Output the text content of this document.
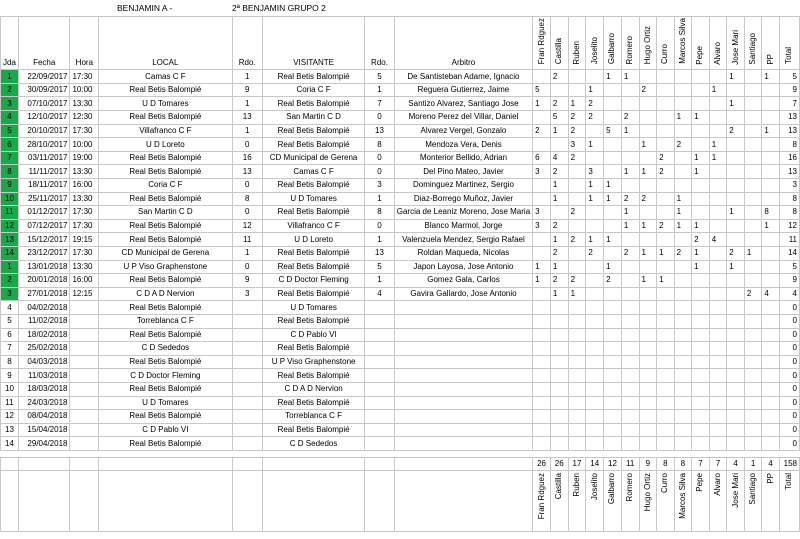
BENJAMIN A -	2ª BENJAMIN GRUPO 2
Jda	Fecha	Hora	LOCAL	Rdo.	VISITANTE	Rdo.	Arbitro	Fran Rdguez	Castilla	Ruben	Joselito	Galbarro	Romero	Hugo Ortiz	Curro	Marcos Silva	Pepe	Alvaro	Jose Mari	Santiago	PP	Total
1	22/09/2017	17:30	Camas C F	1	Real Betis Balompié	5	De Santisteban Adame, Ignacio		2			1	1						1		1	5
2	30/09/2017	10:00	Real Betis Balompié	9	Coria C F	1	Reguera Gutierrez, Jaime	5			1			2				1				9
3	07/10/2017	13:30	U D Tomares	1	Real Betis Balompié	7	Santizo Alvarez, Santiago Jose	1	2	1	2								1			7
4	12/10/2017	12:30	Real Betis Balompié	13	San Martin C D	0	Moreno Perez del Villar, Daniel		5	2	2		2			1	1					13
5	20/10/2017	17:30	Villafranco C F	1	Real Betis Balompié	13	Alvarez Vergel, Gonzalo	2	1	2		5	1						2		1	13
6	28/10/2017	10:00	U D Loreto	0	Real Betis Balompié	8	Mendoza Vera, Denis			3	1			1		2		1				8
7	03/11/2017	19:00	Real Betis Balompié	16	CD Municipal de Gerena	0	Monterior Bellido, Adrian	6	4	2					2		1	1				16
8	11/11/2017	13:30	Real Betis Balompié	13	Camas C F	0	Del Pino Mateo, Javier	3	2		3		1	1	2		1					13
9	18/11/2017	16:00	Coria C F	0	Real Betis Balompié	3	Dominguez Martinez, Sergio		1		1	1										3
10	25/11/2017	13:30	Real Betis Balompié	8	U D Tomares	1	Diaz-Borrego Muñoz, Javier		1		1	1	2	2		1						8
11	01/12/2017	17:30	San Martin C D	0	Real Betis Balompié	8	Garcia de Leaniz Moreno, Jose Maria	3		2			1			1			1		8	8
12	07/12/2017	17:30	Real Betis Balompié	12	Villafranco C F	0	Blanco Marmol, Jorge	3	2				1	1	2	1	1				1	12
13	15/12/2017	19:15	Real Betis Balompié	11	U D Loreto	1	Valenzuela Mendez, Sergio Rafael		1	2	1	1					2	4				11
14	23/12/2017	17:30	CD Municipal de Gerena	1	Real Betis Balompié	13	Roldan Maqueda, Nicolas		2		2		2	1	1	2	1		2	1		14
1	13/01/2018	13:30	U P Viso Graphenstone	0	Real Betis Balompié	5	Japon Layosa, Jose Antonio	1	1			1					1		1			5
2	20/01/2018	16:00	Real Betis Balompié	9	C D Doctor Fleming	1	Gomez Gala, Carlos	1	2	2		2		1	1							9
3	27/01/2018	12:15	C D A D Nervion	3	Real Betis Balompié	4	Gavira Gallardo, Jose Antonio		1	1										2	4	4
4	04/02/2018		Real Betis Balompié		U D Tomares																	0
5	11/02/2018		Torreblanca C F		Real Betis Balompié																	0
6	18/02/2018		Real Betis Balompié		C D Pablo VI																	0
7	25/02/2018		C D Sededos		Real Betis Balompié																	0
8	04/03/2018		Real Betis Balompié		U P Viso Graphenstone																	0
9	11/03/2018		C D Doctor Fleming		Real Betis Balompié																	0
10	18/03/2018		Real Betis Balompié		C D A D Nervion																	0
11	24/03/2018		U D Tomares		Real Betis Balompié																	0
12	08/04/2018		Real Betis Balompié		Torreblanca C F																	0
13	15/04/2018		C D Pablo VI		Real Betis Balompié																	0
14	29/04/2018		Real Betis Balompié		C D Sededos																	0

								26	26	17	14	12	11	9	8	8	7	7	4	1	4	158
								Fran Rdguez	Castilla	Ruben	Joselito	Galbarro	Romero	Hugo Ortiz	Curro	Marcos Silva	Pepe	Alvaro	Jose Mari	Santiago	PP	Total
